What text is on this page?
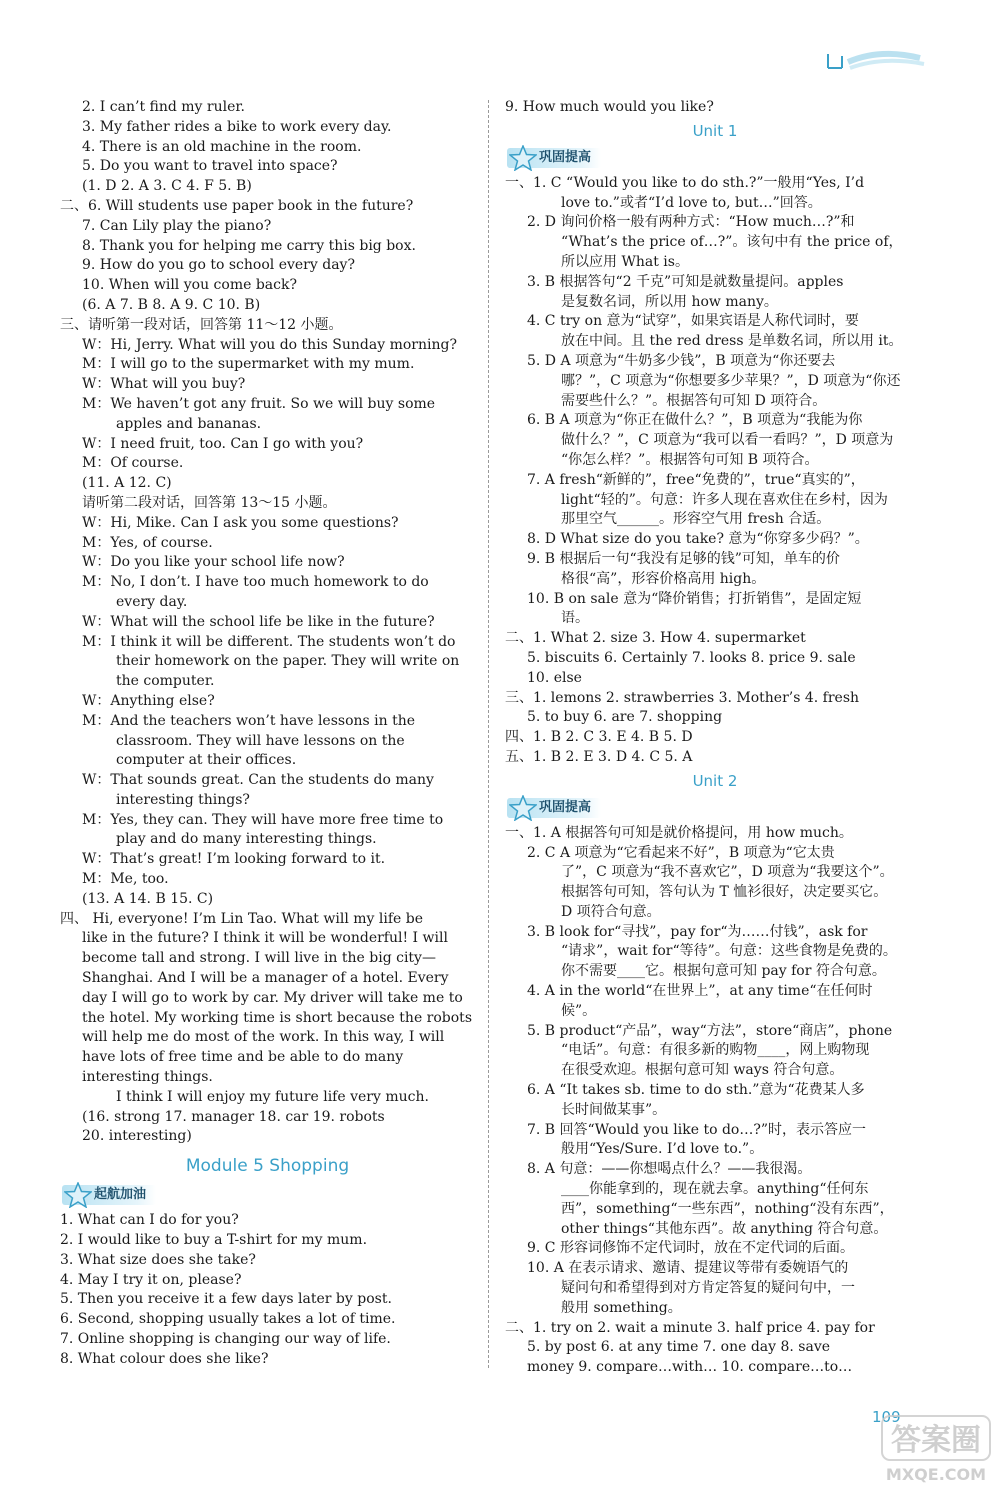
2. I can’t find my ruler.
3. My father rides a bike to work every day.
4. There is an old machine in the room.
5. Do you want to travel into space?
(1. D 2. A 3. C 4. F 5. B)
二、6. Will students use paper book in the future?
7. Can Lily play the piano?
8. Thank you for helping me carry this big box.
9. How do you go to school every day?
10. When will you come back?
(6. A 7. B 8. A 9. C 10. B)
三、请听第一段对话，回答第 11～12 小题。
W：Hi, Jerry. What will you do this Sunday morning?
M：I will go to the supermarket with my mum.
W：What will you buy?
M：We haven’t got any fruit. So we will buy some
apples and bananas.
W：I need fruit, too. Can I go with you?
M：Of course.
(11. A 12. C)
请听第二段对话，回答第 13～15 小题。
W：Hi, Mike. Can I ask you some questions?
M：Yes, of course.
W：Do you like your school life now?
M：No, I don’t. I have too much homework to do
every day.
W：What will the school life be like in the future?
M：I think it will be different. The students won’t do
their homework on the paper. They will write on
the computer.
W：Anything else?
M：And the teachers won’t have lessons in the
classroom. They will have lessons on the
computer at their offices.
W：That sounds great. Can the students do many
interesting things?
M：Yes, they can. They will have more free time to
play and do many interesting things.
W：That’s great! I’m looking forward to it.
M：Me, too.
(13. A 14. B 15. C)
四、 Hi, everyone! I’m Lin Tao. What will my life be
like in the future? I think it will be wonderful! I will
become tall and strong. I will live in the big city—
Shanghai. And I will be a manager of a hotel. Every
day I will go to work by car. My driver will take me to
the hotel. My working time is short because the robots
will help me do most of the work. In this way, I will
have lots of free time and be able to do many
interesting things.
I think I will enjoy my future life very much.
(16. strong 17. manager 18. car 19. robots
20. interesting)
Module 5 Shopping
起航加油
1. What can I do for you?
2. I would like to buy a T-shirt for my mum.
3. What size does she take?
4. May I try it on, please?
5. Then you receive it a few days later by post.
6. Second, shopping usually takes a lot of time.
7. Online shopping is changing our way of life.
8. What colour does she like?
9. How much would you like?
Unit 1
巩固提高
一、1. C “Would you like to do sth.?”一般用“Yes, I’d
love to.”或者“I’d love to, but…”回答。
2. D 询问价格一般有两种方式：“How much…?”和
“What’s the price of…?”。该句中有 the price of，
所以应用 What is。
3. B 根据答句“2 千克”可知是就数量提问。apples
是复数名词，所以用 how many。
4. C try on 意为“试穿”，如果宾语是人称代词时，要
放在中间。且 the red dress 是单数名词，所以用 it。
5. D A 项意为“牛奶多少钱”，B 项意为“你还要去
哪？”，C 项意为“你想要多少苹果？”，D 项意为“你还
需要些什么？”。根据答句可知 D 项符合。
6. B A 项意为“你正在做什么？”，B 项意为“我能为你
做什么？”，C 项意为“我可以看一看吗？”，D 项意为
“你怎么样？”。根据答句可知 B 项符合。
7. A fresh“新鲜的”，free“免费的”，true“真实的”，
light“轻的”。句意：许多人现在喜欢住在乡村，因为
那里空气______。形容空气用 fresh 合适。
8. D What size do you take? 意为“你穿多少码？”。
9. B 根据后一句“我没有足够的钱”可知，单车的价
格很“高”，形容价格高用 high。
10. B on sale 意为“降价销售；打折销售”，是固定短
语。
二、1. What 2. size 3. How 4. supermarket
5. biscuits 6. Certainly 7. looks 8. price 9. sale
10. else
三、1. lemons 2. strawberries 3. Mother’s 4. fresh
5. to buy 6. are 7. shopping
四、1. B 2. C 3. E 4. B 5. D
五、1. B 2. E 3. D 4. C 5. A
Unit 2
巩固提高
一、1. A 根据答句可知是就价格提问，用 how much。
2. C A 项意为“它看起来不好”，B 项意为“它太贵
了”，C 项意为“我不喜欢它”，D 项意为“我要这个”。
根据答句可知，答句认为 T 恤衫很好，决定要买它。
D 项符合句意。
3. B look for“寻找”，pay for“为……付钱”，ask for
“请求”，wait for“等待”。句意：这些食物是免费的。
你不需要____它。根据句意可知 pay for 符合句意。
4. A in the world“在世界上”，at any time“在任何时
候”。
5. B product“产品”，way“方法”，store“商店”，phone
“电话”。句意：有很多新的购物____，网上购物现
在很受欢迎。根据句意可知 ways 符合句意。
6. A “It takes sb. time to do sth.”意为“花费某人多
长时间做某事”。
7. B 回答“Would you like to do…?”时，表示答应一
般用“Yes/Sure. I’d love to.”。
8. A 句意：——你想喝点什么？——我很渴。
____你能拿到的，现在就去拿。anything“任何东
西”，something“一些东西”，nothing“没有东西”，
other things“其他东西”。故 anything 符合句意。
9. C 形容词修饰不定代词时，放在不定代词的后面。
10. A 在表示请求、邀请、提建议等带有委婉语气的
疑问句和希望得到对方肯定答复的疑问句中，一
般用 something。
二、1. try on 2. wait a minute 3. half price 4. pay for
5. by post 6. at any time 7. one day 8. save
money 9. compare…with… 10. compare…to…
109
答案圈
MXQE.COM
